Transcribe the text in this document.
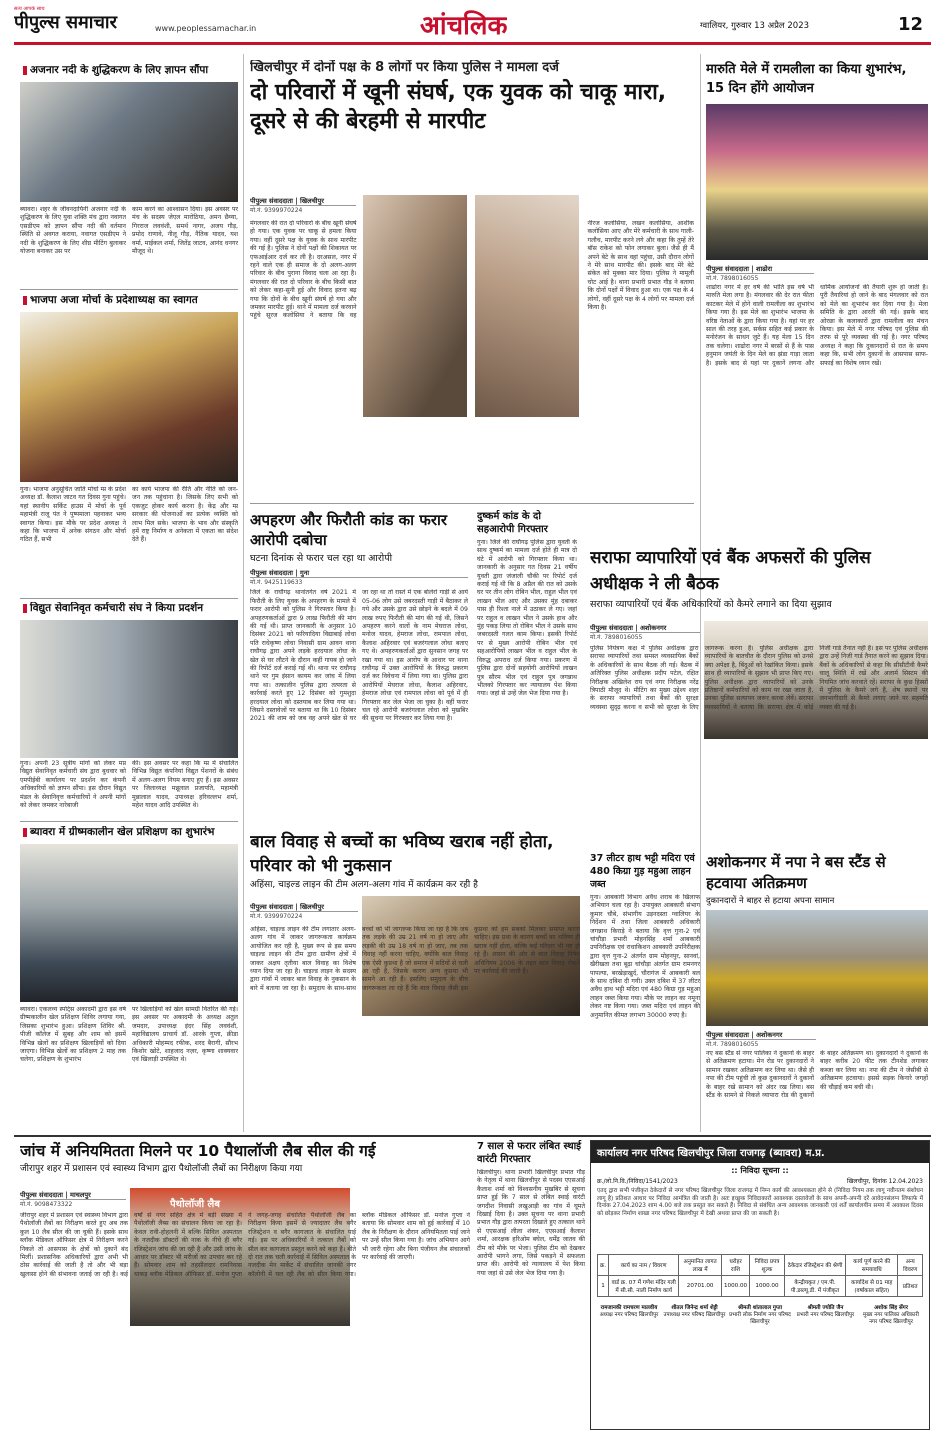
सत्य आपके साथ
पीपुल्स समाचार	www.peoplessamachar.in	आंचलिक	ग्वालियर, गुरुवार 13 अप्रैल 2023	12
अजनार नदी के शुद्धिकरण के लिए ज्ञापन सौंपा
ब्यावरा। शहर के जीवनदायिनी अजनार नदी के शुद्धिकरण के लिए युवा शक्ति मंच द्वारा नवागत एसडीएम को ज्ञापन सौंपा नदी की वर्तमान स्थिति से अवगत कराया, नवागत एसडीएम ने नदी के शुद्धिकरण के लिए शीघ्र मीटिंग बुलाकर योजना बनाकर उस पर
काम करने का आश्वासन दिया। इस अवसर पर मंच के सदस्य जेएल मारोठिया, अमन छैय्या, गिरराज लववंशी, समर्थ नागर, अजय गौड़, प्रमोद राणावे, नीलू गौड़, नैतिक यादव, यश वर्मा, माईकल शर्मा, जितेंद्र जाटव, आनंद धनगर मौजूद थे।
भाजपा अजा मोर्चा के प्रदेशाध्यक्ष का स्वागत
गुना। भाजपा अनुसूचित जाति मोर्चा म्प्र के प्रदेश अध्यक्ष डॉ. कैलाश जाटव गत दिवस गुना पहुंचे। यहां स्थानीय सर्किट हाउस में मोर्चा के पूर्व महामंत्री राजू पंत ने पुष्पमाला पहनाकर भव्य स्वागत किया। इस मौके पर प्रदेश अध्यक्ष ने कहा कि भाजपा में अनेक संगठन और मोर्चा गठित हैं, सभी
का कार्य भाजपा की रीति और नीति को जन-जन तक पहुंचाना है। जिसके लिए सभी को एकजुट होकर कार्य करना है। केंद्र और म्प्र सरकार की योजनाओं का प्रत्येक व्यक्ति को लाभ मिल सके। भाजपा के भाव और संस्कृति हमें राष्ट्र निर्माण व अनेकता में एकता का संदेश देते हैं।
विद्युत सेवानिवृत कर्मचारी संघ ने किया प्रदर्शन
गुना। अपनी 23 सूत्रीय मांगों को लेकर मप्र विद्युत सेवानिवृत कर्मचारी संघ द्वारा बुधवार को एमपीईबी कार्यालय पर प्रदर्शन कर कंपनी अधिकारियों को ज्ञापन सौंपा। इस दौरान विद्युत मंडल के सेवानिवृत्त कर्मचारियों ने अपनी मांगों को लेकर जमकर नारेबाजी
की। इस अवसर पर कहा कि म्प्र में संचालित विभिन्न विद्युत कंपनियां विद्युत पेंशनरों के संबंध में अलग-अलग नियम बनाए हुए हैं। इस अवसर पर जिलाध्यक्ष मन्नूलाल प्रजापति, महामंत्री मुन्नालाल यादव, उपाध्यक्ष हरिवल्लभ शर्मा, महेश यादव आदि उपस्थित थे।
ब्यावरा में ग्रीष्मकालीन खेल प्रशिक्षण का शुभारंभ
ब्यावरा। एकलव्य स्पोर्ट्स अकादमी द्वारा इस वर्ष ग्रीष्मकालीन खेल प्रशिक्षण शिविर लगाया गया, जिसका शुभारंभ हुआ। प्रशिक्षण शिविर श्री. पीजी कॉलेज में सुबह और शाम को इसमें विभिन्न खेलों का प्रशिक्षण खिलाड़ियों को दिया जाएगा। विभिन्न खेलों का प्रशिक्षण 2 माह तक चलेगा, प्रशिक्षण के शुभारंभ
पर खिलाड़ियों को खेल सामग्री वितरित की गई। इस अवसर पर अकादमी के अध्यक्ष अतुल जमदार, उपाध्यक्ष इंदर सिंह लववंशी, महाविद्यालय प्राचार्य डॉ. आरके गुप्ता, क्रीडा अधिकारी मोहम्मद रफीक, शरद बैरागी, सौरभ किशोर खोटे, शाहजाद नज़र, कृष्णा शाक्यवार एवं खिलाड़ी उपस्थित थे।
खिलचीपुर में दोनों पक्ष के 8 लोगों पर किया पुलिस ने मामला दर्ज
दो परिवारों में खूनी संघर्ष, एक युवक को चाकू मारा, दूसरे से की बेरहमी से मारपीट
पीपुल्स संवाददाता | खिलचीपुर
मो.नं. 9399970224
मंगलवार की रात दो परिवारों के बीच खूनी संघर्ष हो गया। एक युवक पर चाकू से हमला किया गया। वहीं दूसरे पक्ष के युवक के साथ मारपीट की गई है। पुलिस ने दोनों पक्षों की शिकायत पर एफआईआर दर्ज कर ली है। दरअसल, नगर में रहने वाले एक ही समाज के दो अलग-अलग परिवार के बीच पुराना विवाद चला आ रहा है। मंगलवार की रात दो परिवार के बीच किसी बात को लेकर कहा-सुनी हुई और विवाद इतना बढ़ गया कि दोनों के बीच खूनी संघर्ष हो गया और जमकर मारपीट हुई। थाने में मामला दर्ज करवाने पहुंचे सूरज कलोसिया ने बताया कि वह नीरज कलोसिया, लखन कलोसिया, आशीक कलोसिया आए और मेरे कर्मचारी के साथ गाली-गलौच, मारपीट करने लगे और कहा कि तुम्हें तेरे बॉस राकेश को फोन लगाकर बुला। जैसे ही मैं अपने बेटे के साथ वहां पहुंचा, उसी दौरान लोगों ने मेरे साथ मारपीट की। इसके बाद मेरे बेटे संकेत को मुक्का मार दिया। पुलिस ने मामूली चोट आई है। थाना प्रभारी प्रभात गौड़ ने बताया कि दोनों पक्षों में विवाद हुआ था। एक पक्ष के 4 लोगों, वहीं दूसरे पक्ष के 4 लोगों पर मामला दर्ज किया है।
अपहरण और फिरौती कांड का फरार आरोपी दबोचा
घटना दिनांक से फरार चल रहा था आरोपी
पीपुल्स संवाददाता | गुना
मो.नं. 9425119633
जिले के राघौगढ़ थानांतर्गत वर्ष 2021 में फिरौती के लिए युवक के अपहरण के मामले में फरार आरोपी को पुलिस ने गिरफ्तार किया है। अपहरणकर्ताओं द्वारा 9 लाख फिरौती की मांग की गई थी। प्राप्त जानकारी के अनुसार 10 दिसंबर 2021 को फरियादिया विद्याबाई लोधा पति राधेकृष्ण लोधा निवासी ग्राम आवन थाना राघौगढ़ द्वारा अपने लड़के हरदयाल लोधा के खेत से घर लौटने के दौरान कहीं गायब हो जाने की रिपोर्ट दर्ज कराई गई थी। थाना पर राघौगढ़ थाने पर गुम इंसान कायम कर जांच में लिया गया था। तत्कालीन पुलिस द्वारा तत्परता से कार्रवाई करते हुए 12 दिसंबर को गुमशुदा हरदयाल लोधा को दस्तयाब कर लिया गया था। जिसने दस्तावेजों पर बताया था कि 10 दिसंबर 2021 की शाम को जब वह अपने खेत से घर जा रहा था तो रास्ते में एक बोलेरो गाड़ी से आये 05-06 लोग उसे जबरदस्ती गाड़ी में बैठाकर ले गये और उसके द्वारा उसे छोड़ने के बदले में 09 लाख रुपए फिरौती की मांग की गई थी, जिसने अपहरण करने वालों के नाम मेघराज लोधा, मनोज यादव, हेमराज लोधा, रामपाल लोधा, कैलाश अहिरवार एवं बजरंगलाल लोधा बताए गए थे। अपहरणकर्ताओं द्वारा सुनसान जगह पर रखा गया था। इस आरोप के आधार पर थाना राघौगढ़ में उक्त आरोपियों के विरुद्ध प्रकरण दर्ज कर विवेचना में लिया गया था। पुलिस द्वारा आरोपियों मेघराज लोधा, कैलाश अहिरवार, हेमराज लोधा एवं रामपाल लोधा को पूर्व में ही गिरफ्तार कर जेल भेजा जा चुका है। वहीं फरार चल रहे आरोपी बजरंगलाल लोधा को मुखबिर की सूचना पर गिरफ्तार कर लिया गया है।
दुष्कर्म कांड के दो सहआरोपी गिरफ्तार
गुना। जिले की राघौगढ़ पुलिस द्वारा युवती के साथ दुष्कर्म का मामला दर्ज होते ही मात्र दो घंटे में आरोपी को गिरफ्तार किया था। जानकारी के अनुसार गत दिवस 21 वर्षीय युवती द्वारा जंजाली चौकी पर रिपोर्ट दर्ज कराई गई थी कि 8 अप्रैल की रात को उसके घर पर तीन लोग रोबिन भील, राहुल भील एवं लाखन भील आए और उसका मुंह दबाकर पास ही रिश्ता नाले में उठाकर ले गए। जहां पर राहुल व लाखन भील ने उसके हाथ और मुंह पकड़ लिया तो रोबिन भील ने उसके साथ जबरदस्ती गलत काम किया। इसकी रिपोर्ट पर से मुख्य आरोपी रोबिन भील एवं सहआरोपियों लाखन भील व राहुल भील के विरुद्ध अपराध दर्ज किया गया। प्रकरण में पुलिस द्वारा दोनों सहयोगी आरोपियों लाखन पुत्र सौरम भील एवं राहुल पुत्र जगन्नाथ भीलको गिरफ्तार कर न्यायालय पेश किया गया। जहां से उन्हें जेल भेज दिया गया है।
मारुति मेले में रामलीला का किया शुभारंभ, 15 दिन होंगे आयोजन
पीपुल्स संवाददाता | शाढोरा
मो.नं. 7898016055
शाढोरा नगर में हर वर्ष की भांति इस वर्ष भी मारुति मेला लगा है। मंगलवार की देर रात फीता काटकर मेले में होने वाली रामलीला का शुभारंभ किया गया है। इस मेले का शुभारंभ भाजपा के वरिष्ठ नेताओं के द्वारा किया गया है। यहां पर हर साल की तरह हुआ, सर्कस सहित कई प्रकार के मनोरंजन के साधन जुटे हैं। यह मेला 15 दिन तक चलेगा। शाढोरा नगर में बरसों से हैं के पास हनुमान जयंती के दिन मेले का झंडा गाड़ा जाता है। इसके बाद से यहां पर दुकानें लगना और धार्मिक आयोजनों की तैयारी शुरू हो जाती है। पूरी तैयारियां हो जाने के बाद मंगलवार को रात को मेले का शुभारंभ कर दिया गया है। मेला समिति के द्वारा आरती की गई। इसके बाद ओरछा के कलाकारों द्वारा रामलीला का मंचन किया। इस मेले में नगर परिषद एवं पुलिस की तरफ से पूरे व्यवस्था की गई है। नगर परिषद अध्यक्ष ने कहा कि दुकानदारों से रात के समय कहा कि, सभी लोग दुकानों के आसपास साफ-सफाई का विशेष ध्यान रखें।
सराफा व्यापारियों एवं बैंक अफसरों की पुलिस अधीक्षक ने ली बैठक
सराफा व्यापारियों एवं बैंक अधिकारियों को कैमरे लगाने का दिया सुझाव
पीपुल्स संवाददाता | अशोकनगर
मो.नं. 7898016055
पुलिस नियंत्रण कक्ष में पुलिस अधीक्षक द्वारा सराफा व्यापारियों तथा समस्त व्यवसायिक बैंकों के अधिकारियों के साथ बैठक ली गई। बैठक में अतिरिक्त पुलिस अधीक्षक प्रदीप पटेल, रक्षित निरीक्षक अखिलेश राय एवं नगर निरीक्षक नरेंद्र त्रिपाठी मौजूद थे। मीटिंग का मुख्य उद्देश्य शहर के सराफा व्यापारियों तथा बैंकों की सुरक्षा व्यवस्था सुदृढ़ करना व सभी को सुरक्षा के लिए जागरूक करना है। पुलिस अधीक्षक द्वारा व्यापारियों के बातचीत के दौरान पुलिस को उनसे क्या अपेक्षा है, बिंदुओं को रेखांकित किया। इसके साथ ही व्यापारियों के सुझाव भी प्राप्त किए गए। पुलिस अधीक्षक द्वारा व्यापारियों को उनके प्रतिष्ठानों कर्मचारियों को काम पर रखा जाता है, उनका पुलिस सत्यापन जरूर करवा लेवें। सराफा व्यवसायियों ने बताया कि सराफा क्षेत्र में कोई निजी गार्ड तैनात नहीं है। इस पर पुलिस अधीक्षक द्वारा उन्हें निजी गार्ड तैनात करने का सुझाव दिया। बैंकों के अधिकारियों से कहा कि सीसीटीवी कैमरे चालू स्थिति में रखें और अलार्म सिस्टम की नियमित जांच करवाते रहें। सराफा के कुछ हिस्सों में पुलिस के कैमरे लगे हैं, शेष स्थानों पर जनभागीदारी से कैमरे लगाए जाने पर सहमति व्यक्त की गई है।
बाल विवाह से बच्चों का भविष्य खराब नहीं होता, परिवार को भी नुकसान
अहिंसा, चाइल्ड लाइन की टीम अलग-अलग गांव में कार्यक्रम कर रही है
पीपुल्स संवाददाता | खिलचीपुर
मो.नं. 9399970224
अहिंसा, चाइल्ड लाइन की टीम लगातार अलग-अलग गांव में जाकर जागरूकता कार्यक्रम आयोजित कर रही है, मुख्य रूप से इस समय चाइल्ड लाइन की टीम द्वारा ग्रामीण क्षेत्रों में जाकर अक्षय तृतीया बाल विवाह का विशेष ध्यान दिया जा रहा है। चाइल्ड लाइन के सदस्य द्वारा गांवों में जाकर बाल विवाह के नुकसान के बारे में बताया जा रहा है। समुदाय के साथ-साथ बच्चों को भी जागरूक किया जा रहा है कि जब तक लड़के की उम्र 21 वर्ष ना हो जाए और लड़की की उम्र 18 वर्ष ना हो जाए, तब तक विवाह नहीं करना चाहिए, क्योंकि बाल विवाह एक ऐसी कुप्रथा है जो समाज में सदियों से चली आ रही है, जिसके कारण अन्य कुप्रथा भी सामने आ रही हैं। इसलिए समुदाय के बीच जागरूकता ला रहे हैं कि बाल विवाह जैसी इस कुप्रथा को हम सबको मिलकर समाप्त करना चाहिए। इस प्रथा के कारण बच्चों का भविष्य ही खराब नहीं होता, बल्कि कई परिवार भी नष्ट हो रहे हैं। शासन की ओर से बाल विवाह निषेध अधिनियम 2006 के तहत बाल विवाह रोकने पर कार्रवाई की जाती है।
37 लीटर हाथ भट्टी मदिरा एवं 480 किग्रा गुड़ महुआ लाहन जब्त
गुना। आबकारी विभाग अवैध शराब के खिलाफ अभियान चला रहा है। उपायुक्त आबकारी संभाग कुमार चौबे, संभागीय उड़नदस्ता ग्वालियर के निर्देशन में तथा जिला आबकारी अधिकारी जगन्नाथ किराड़े ने बताया कि वृत्त गुना-2 एवं चांचौड़ा प्रभारी मोहनसिंह शर्मा आबकारी उपनिरीक्षक एवं राधाकिशन आबकारी उपनिरीक्षक द्वारा वृत्त गुना-2 अंतर्गत ग्राम मोहनपुर, सानवां, खैरीखता तथा बूढ़ा चांचौड़ा अंतर्गत ग्राम रामनगर पापल्या, बरखेड़ाखुर्द, चौरागंज में आबकारी बल के साथ दबिश दी गयी। उक्त दबिश में 37 लीटर अवैध हाथ भट्टी मदिरा एवं 480 किग्रा गुड़ महुआ लाहन जब्त किया गया। मौके पर लाहन का नमूना लेकर नष्ट किया गया। जब्त मदिरा एवं लाहन की अनुमानित कीमत लगभग 30000 रुपए है।
अशोकनगर में नपा ने बस स्टैंड से हटवाया अतिक्रमण
दुकानदारों ने बाहर से हटाया अपना सामान
पीपुल्स संवाददाता | अशोकनगर
मो.नं. 7898016055
नए बस स्टैंड से नगर पालिका ने दुकानों के बाहर से अतिक्रमण हटाया। मेन रोड पर दुकानदारों ने सामान रखकर अतिक्रमण कर लिया था। जैसे ही नपा की टीम पहुंची तो कुछ दुकानदारों ने दुकानों के बाहर रखे सामान को अंदर रख लिया। बस स्टैंड के सामने से निकले व्यापारा रोड की दुकानों के बाहर अतिक्रमण था। दुकानदारों ने दुकानों के बाहर करीब 20 फीट तक टीनशेड लगाकर कब्जा कर लिया था। नपा की टीम ने जेसीबी से अतिक्रमण हटवाया। इससे सड़क किनारे जगहों की चौड़ाई कम बची थी।
जांच में अनियमितता मिलने पर 10 पैथालॉजी लैब सील की गई
जीरापुर शहर में प्रशासन एवं स्वास्थ्य विभाग द्वारा पैथोलॉजी लैबों का निरीक्षण किया गया
पीपुल्स संवाददाता | माचलपुर
मो.नं. 9098473322	पैथोलॉजी लैब
जीरापुर शहर में प्रशासन एवं स्वास्थ्य विभाग द्वारा पैथोलॉजी लैबों का निरीक्षण करते हुए अब तक कुल 10 लैब सील की जा चुकी हैं। इसके साथ ब्लॉक मेडिकल ऑफिसर क्षेत्र में निरीक्षण करने निकले तो आसपास के क्षेत्रों को दुकानें बंद मिलीं। प्रशासनिक अधिकारियों द्वारा अभी भी ठोस कार्रवाई की जाती है तो और भी बड़ा खुलासा होने की संभावना जताई जा रही है। कई वर्षों से नगर सहित क्षेत्र में बड़ी संख्या में पैथोलॉजी लैब्स का संचालन किया जा रहा है। केवल रावी-होहलनी में बल्कि सिविल अस्पताल के नजदीक डॉक्टरों की नाक के नीचे ही बगैर रजिस्ट्रेशन जांच की जा रही है और उसी जांच के आधार पर डॉक्टर भी मरीजों का उपचार कर रहे हैं। सोमवार शाम को तहसीलदार रामनिवास धाकड़ ब्लॉक मेडिकल ऑफिसर डॉ. मनोज गुप्ता ने जगह-जगह संचालित पैथोलॉजी लैब का निरीक्षण किया इसमें से ज्यादातर लैब बगैर रजिस्ट्रेशन व बगैर कागजात के संचालित पाई गई। इस पर अधिकारियों ने तत्काल लैबों को सील कर कागजात प्रस्तुत करने को कहा है। बीते दो रात तक चली कार्रवाई में सिविल अस्पताल के नजदीक मेन मार्केट में संचालित जानकी नगर कॉलोनी में चल रही लैब को सील किया गया। ब्लॉक मेडिकल ऑफिसर डॉ. मनोज गुप्ता ने बताया कि सोमवार शाम को हुई कार्रवाई में 10 लैब के निरीक्षण के दौरान अनियमितता पाई जाने पर उन्हें सील किया गया है। जांच अभियान आगे भी जारी रहेगा और बिना पंजीयन लैब संचालकों पर कार्रवाई की जाएगी।
7 साल से फरार लंबित स्थाई वारंटी गिरफ्तार
खिलचीपुर। थाना प्रभारी खिलचीपुर प्रभात गौड़ के नेतृत्व में थाना खिलचीपुर से पदस्थ एएसआई कैलाश शर्मा को विश्वसनीय मुखबिर से सूचना प्राप्त हुई कि 7 साल से लंबित स्थाई वारंटी जगदीश निवासी लखुआड़ी का गांव में घूमते दिखाई दिया है। उक्त सूचना पर थाना प्रभारी प्रभात गौड़ द्वारा तत्परता दिखाते हुए तत्काल थाने से एएसआई लीला शंकर, एएसआई कैलाश शर्मा, आरक्षक हरिओम बघेल, धर्मेंद्र जातव की टीम को मौके पर भेजा। पुलिस टीम को देखकर आरोपी भागने लगा, जिसे पकड़ने में सफलता प्राप्त की। आरोपी को न्यायालय में पेश किया गया जहां से उसे जेल भेज दिया गया है।
कार्यालय नगर परिषद खिलचीपुर जिला राजगढ़ (ब्यावरा) म.प्र.
:: निविदा सूचना ::
क्र./लो.नि.वि./निविदा/1541/2023	खिलचीपुर, दिनांक 12.04.2023
एतद् द्वारा सभी पंजीकृत ठेकेदारों से नगर परिषद खिलचीपुर जिला राजगढ़ में निम्न कार्य की आवश्यकता होने से (निविदा नियम तक लागू नवीनतम संशोधन लागू है) प्रतिशत आधार पर निविदा आमंत्रित की जाती है। अतः इच्छुक निविदाकारों आवश्यक दस्तावेजों के साथ अपनी-अपनी दरें आवेदनसंलग्न लिफाफे में दिनांक 27.04.2023 शाम 4.00 बजे तक प्रस्तुत कर सकते हैं। निविदा से संबंधित अन्य आवश्यक जानकारी एवं शर्तें कार्यालयीन समय में अवकाश दिवस को छोड़कर निर्माण शाखा नगर परिषद खिलचीपुर में देखी अथवा प्राप्त की जा सकती है।
क्र.	कार्य का नाम / विवरण	अनुमानित लागत लाख में	धरोहर राशि	निविदा प्रपत्र शुल्क	ठेकेदार रजिस्ट्रेशन की श्रेणी	कार्य पूर्ण करने की समयावधि	अन्य विवरण
1	वार्ड क्र. 07 में गणेश मंदिर गली में सी.सी. नाली निर्माण कार्य	20701.00	1000.00	1000.00	केन्द्रीयकृत / एम.पी. पी.डब्ल्यू.डी. में पंजीकृत	कार्यादेश से 01 माह (वर्षाकाल सहित)	प्रतिशत
रामजानकी रामचरण मालवीय
अध्यक्ष नगर परिषद खिलचीपुर
शीतल जिनेन्द्र शर्मा शेट्टी
उपाध्यक्ष नगर परिषद खिलचीपुर
श्रीमती शांतालाल गुप्ता
प्रभारी लोक निर्माण नगर परिषद खिलचीपुर
श्रीमती ज्योति जैन
प्रभारी नगर परिषद खिलचीपुर
अशोक सिंह सेंगर
मुख्य नगर पालिका अधिकारी नगर परिषद खिलचीपुर
